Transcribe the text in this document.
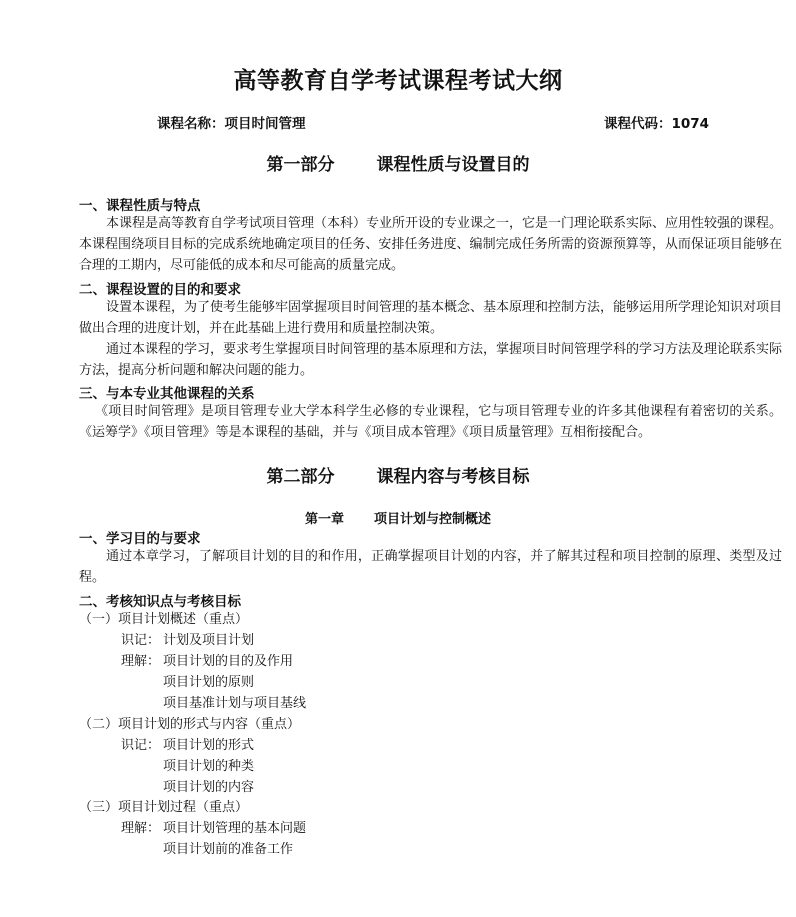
高等教育自学考试课程考试大纲
课程名称：项目时间管理	课程代码：1074
第一部分 课程性质与设置目的
一、课程性质与特点
本课程是高等教育自学考试项目管理（本科）专业所开设的专业课之一，它是一门理论联系实际、应用性较强的课程。本课程围绕项目目标的完成系统地确定项目的任务、安排任务进度、编制完成任务所需的资源预算等，从而保证项目能够在合理的工期内，尽可能低的成本和尽可能高的质量完成。
二、课程设置的目的和要求
设置本课程，为了使考生能够牢固掌握项目时间管理的基本概念、基本原理和控制方法，能够运用所学理论知识对项目做出合理的进度计划，并在此基础上进行费用和质量控制决策。
通过本课程的学习，要求考生掌握项目时间管理的基本原理和方法，掌握项目时间管理学科的学习方法及理论联系实际方法，提高分析问题和解决问题的能力。
三、与本专业其他课程的关系
《项目时间管理》是项目管理专业大学本科学生必修的专业课程，它与项目管理专业的许多其他课程有着密切的关系。《运筹学》《项目管理》等是本课程的基础，并与《项目成本管理》《项目质量管理》互相衔接配合。
第二部分 课程内容与考核目标
第一章 项目计划与控制概述
一、学习目的与要求
通过本章学习，了解项目计划的目的和作用，正确掌握项目计划的内容，并了解其过程和项目控制的原理、类型及过程。
二、考核知识点与考核目标
（一）项目计划概述（重点）
识记： 计划及项目计划
理解： 项目计划的目的及作用
项目计划的原则
项目基准计划与项目基线
（二）项目计划的形式与内容（重点）
识记： 项目计划的形式
项目计划的种类
项目计划的内容
（三）项目计划过程（重点）
理解： 项目计划管理的基本问题
项目计划前的准备工作
